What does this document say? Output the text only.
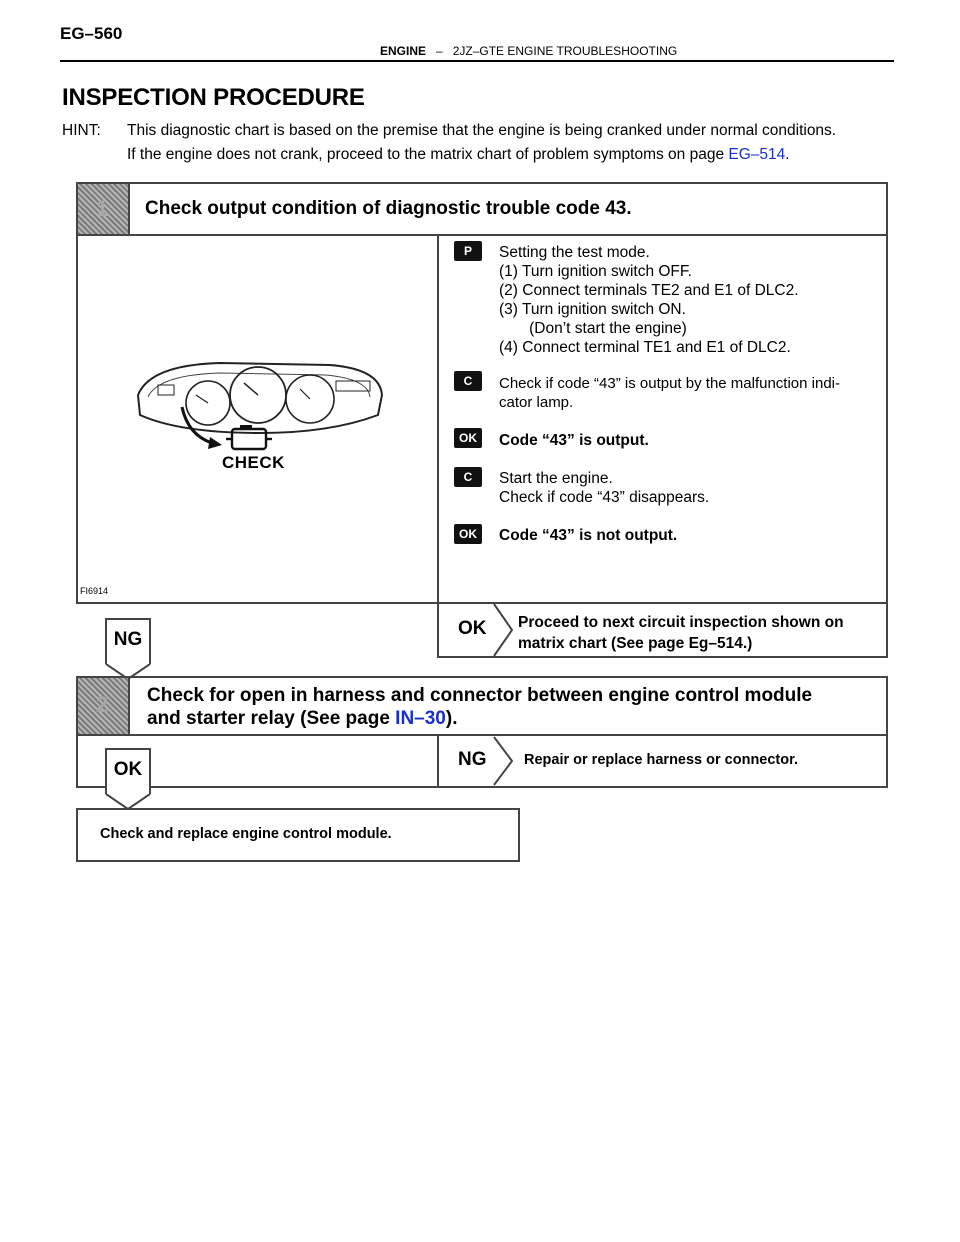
EG–560
ENGINE – 2JZ–GTE ENGINE TROUBLESHOOTING
INSPECTION PROCEDURE
HINT: This diagnostic chart is based on the premise that the engine is being cranked under normal conditions.
If the engine does not crank, proceed to the matrix chart of problem symptoms on page EG–514.
1 Check output condition of diagnostic trouble code 43.
CHECK
FI6914
P	Setting the test mode.
(1) Turn ignition switch OFF.
(2) Connect terminals TE2 and E1 of DLC2.
(3) Turn ignition switch ON.
(Don’t start the engine)
(4) Connect terminal TE1 and E1 of DLC2.
C	Check if code “43” is output by the malfunction indi-
cator lamp.
OK	Code “43” is output.
C	Start the engine.
Check if code “43” disappears.
OK	Code “43” is not output.
NG
OK Proceed to next circuit inspection shown on
matrix chart (See page Eg–514.)
2 Check for open in harness and connector between engine control module
and starter relay (See page IN–30).
NG	Repair or replace harness or connector.
OK
Check and replace engine control module.
